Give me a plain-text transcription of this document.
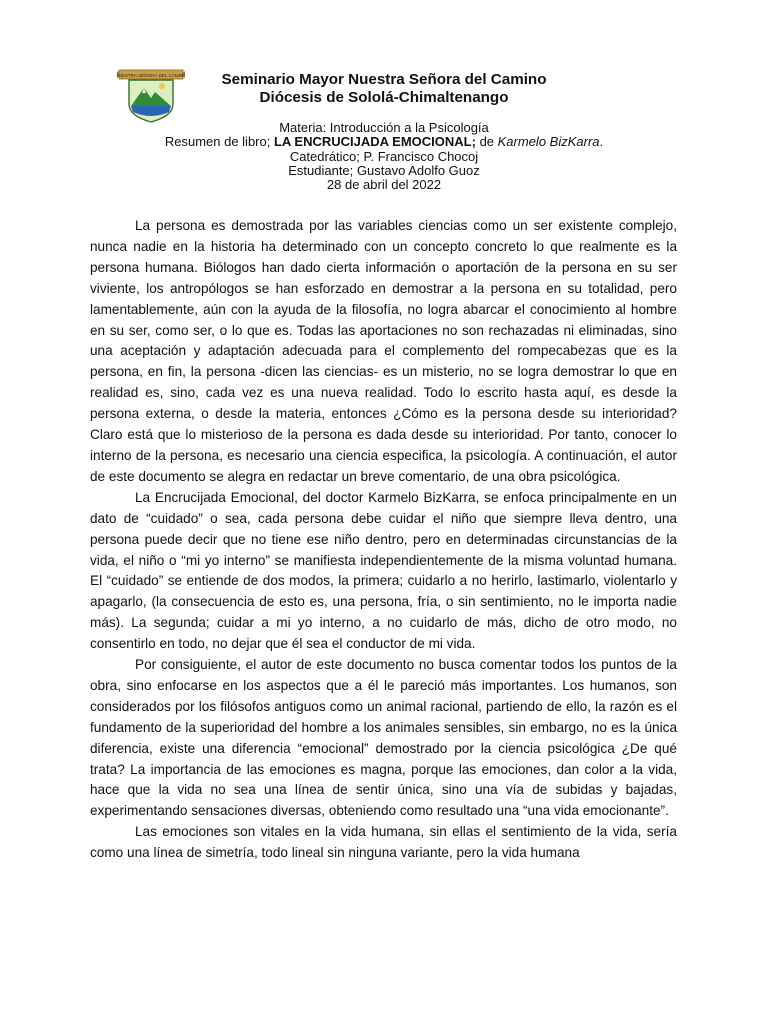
NUESTRA SEÑORA DEL CAMINO	Seminario Mayor Nuestra Señora del Camino
Diócesis de Sololá-Chimaltenango
Materia: Introducción a la Psicología
Resumen de libro; LA ENCRUCIJADA EMOCIONAL; de Karmelo BizKarra.
Catedrático; P. Francisco Chocoj
Estudiante; Gustavo Adolfo Guoz
28 de abril del 2022

La persona es demostrada por las variables ciencias como un ser existente complejo, nunca nadie en la historia ha determinado con un concepto concreto lo que realmente es la persona humana. Biólogos han dado cierta información o aportación de la persona en su ser viviente, los antropólogos se han esforzado en demostrar a la persona en su totalidad, pero lamentablemente, aún con la ayuda de la filosofía, no logra abarcar el conocimiento al hombre en su ser, como ser, o lo que es. Todas las aportaciones no son rechazadas ni eliminadas, sino una aceptación y adaptación adecuada para el complemento del rompecabezas que es la persona, en fin, la persona -dicen las ciencias- es un misterio, no se logra demostrar lo que en realidad es, sino, cada vez es una nueva realidad. Todo lo escrito hasta aquí, es desde la persona externa, o desde la materia, entonces ¿Cómo es la persona desde su interioridad? Claro está que lo misterioso de la persona es dada desde su interioridad. Por tanto, conocer lo interno de la persona, es necesario una ciencia especifica, la psicología. A continuación, el autor de este documento se alegra en redactar un breve comentario, de una obra psicológica.

La Encrucijada Emocional, del doctor Karmelo BizKarra, se enfoca principalmente en un dato de “cuidado” o sea, cada persona debe cuidar el niño que siempre lleva dentro, una persona puede decir que no tiene ese niño dentro, pero en determinadas circunstancias de la vida, el niño o “mi yo interno” se manifiesta independientemente de la misma voluntad humana. El “cuidado” se entiende de dos modos, la primera; cuidarlo a no herirlo, lastimarlo, violentarlo y apagarlo, (la consecuencia de esto es, una persona, fría, o sin sentimiento, no le importa nadie más). La segunda; cuidar a mi yo interno, a no cuidarlo de más, dicho de otro modo, no consentirlo en todo, no dejar que él sea el conductor de mi vida.

Por consiguiente, el autor de este documento no busca comentar todos los puntos de la obra, sino enfocarse en los aspectos que a él le pareció más importantes. Los humanos, son considerados por los filósofos antiguos como un animal racional, partiendo de ello, la razón es el fundamento de la superioridad del hombre a los animales sensibles, sin embargo, no es la única diferencia, existe una diferencia “emocional” demostrado por la ciencia psicológica ¿De qué trata? La importancia de las emociones es magna, porque las emociones, dan color a la vida, hace que la vida no sea una línea de sentir única, sino una vía de subidas y bajadas, experimentando sensaciones diversas, obteniendo como resultado una “una vida emocionante”.

Las emociones son vitales en la vida humana, sin ellas el sentimiento de la vida, sería como una línea de simetría, todo lineal sin ninguna variante, pero la vida humana
